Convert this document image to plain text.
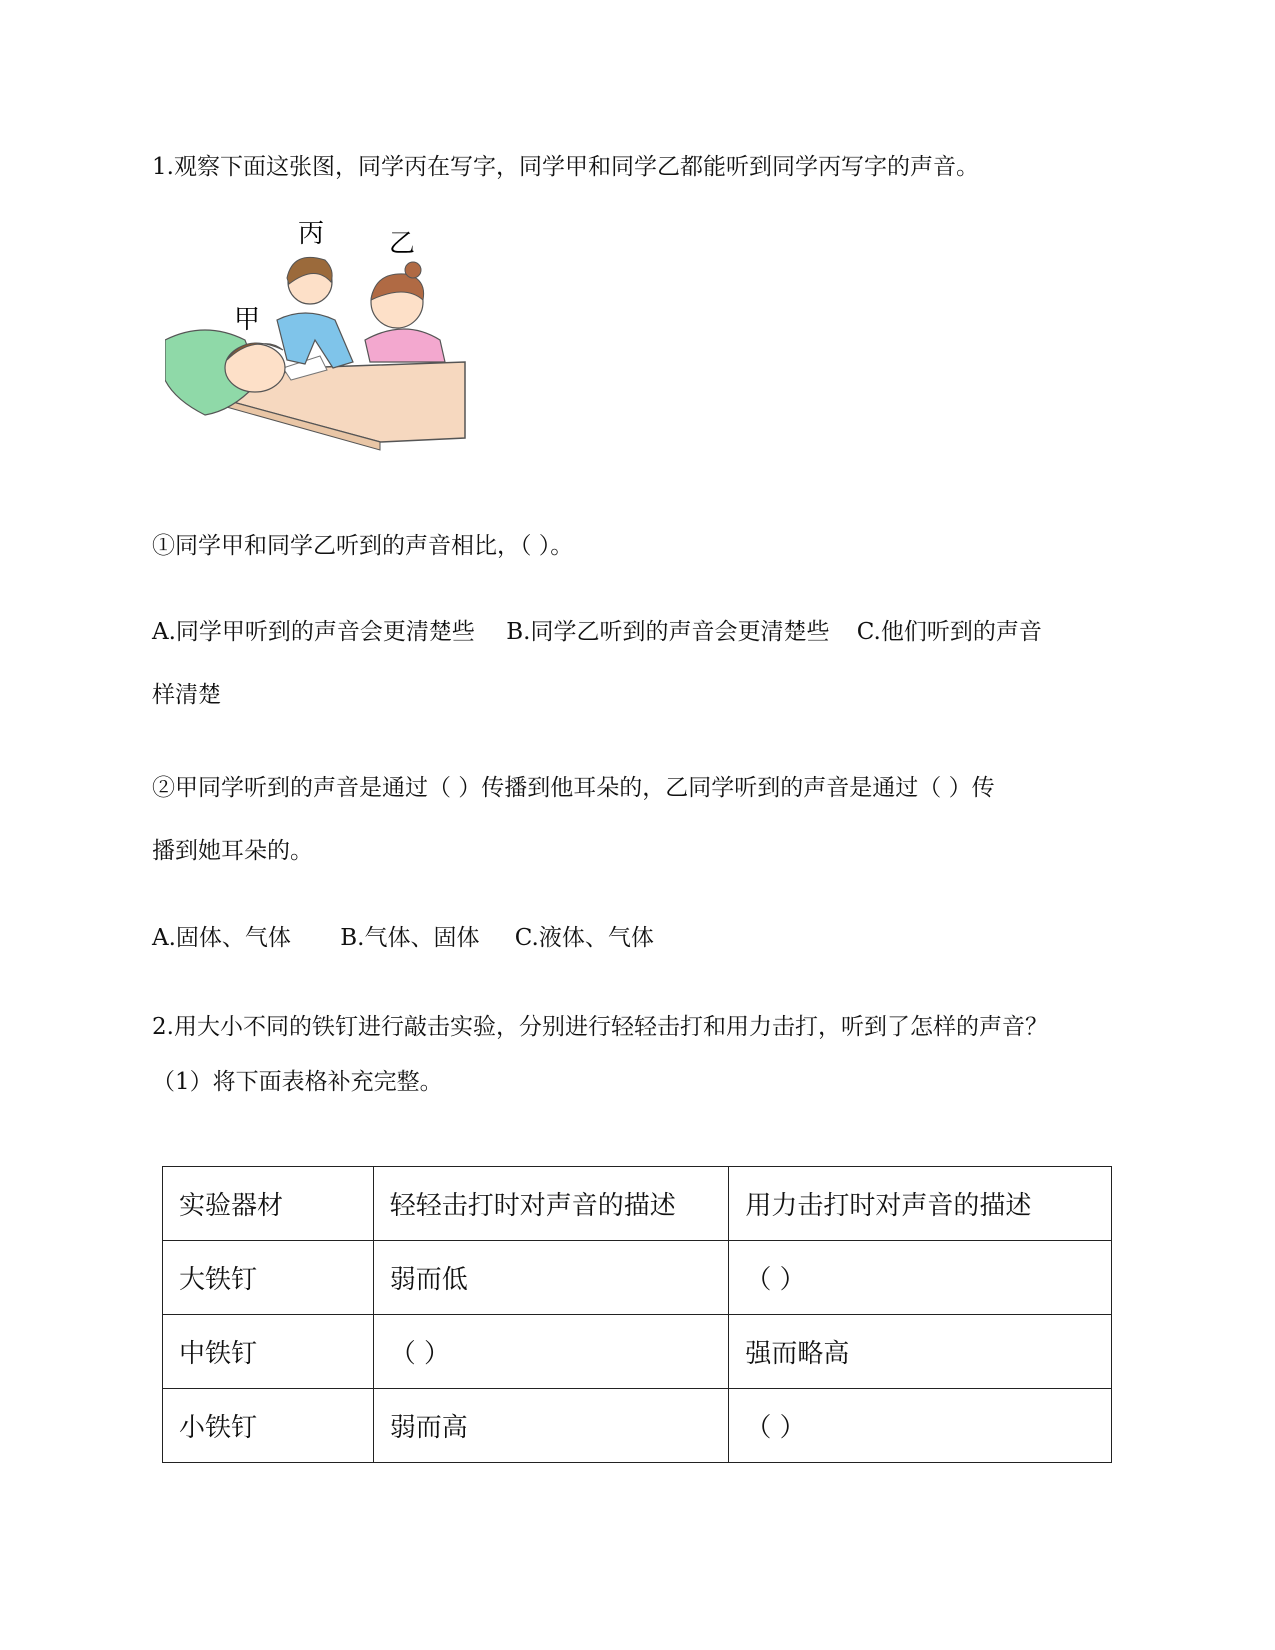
1.观察下面这张图，同学丙在写字，同学甲和同学乙都能听到同学丙写字的声音。
丙 乙
甲
①同学甲和同学乙听到的声音相比，（ ）。
A.同学甲听到的声音会更清楚些 B.同学乙听到的声音会更清楚些 C.他们听到的声音
样清楚
②甲同学听到的声音是通过（ ）传播到他耳朵的，乙同学听到的声音是通过（ ）传
播到她耳朵的。
A.固体、气体 B.气体、固体 C.液体、气体
2.用大小不同的铁钉进行敲击实验，分别进行轻轻击打和用力击打，听到了怎样的声音？
（1）将下面表格补充完整。
实验器材	轻轻击打时对声音的描述	用力击打时对声音的描述
大铁钉	弱而低	（ ）
中铁钉	（ ）	强而略高
小铁钉	弱而高	（ ）
